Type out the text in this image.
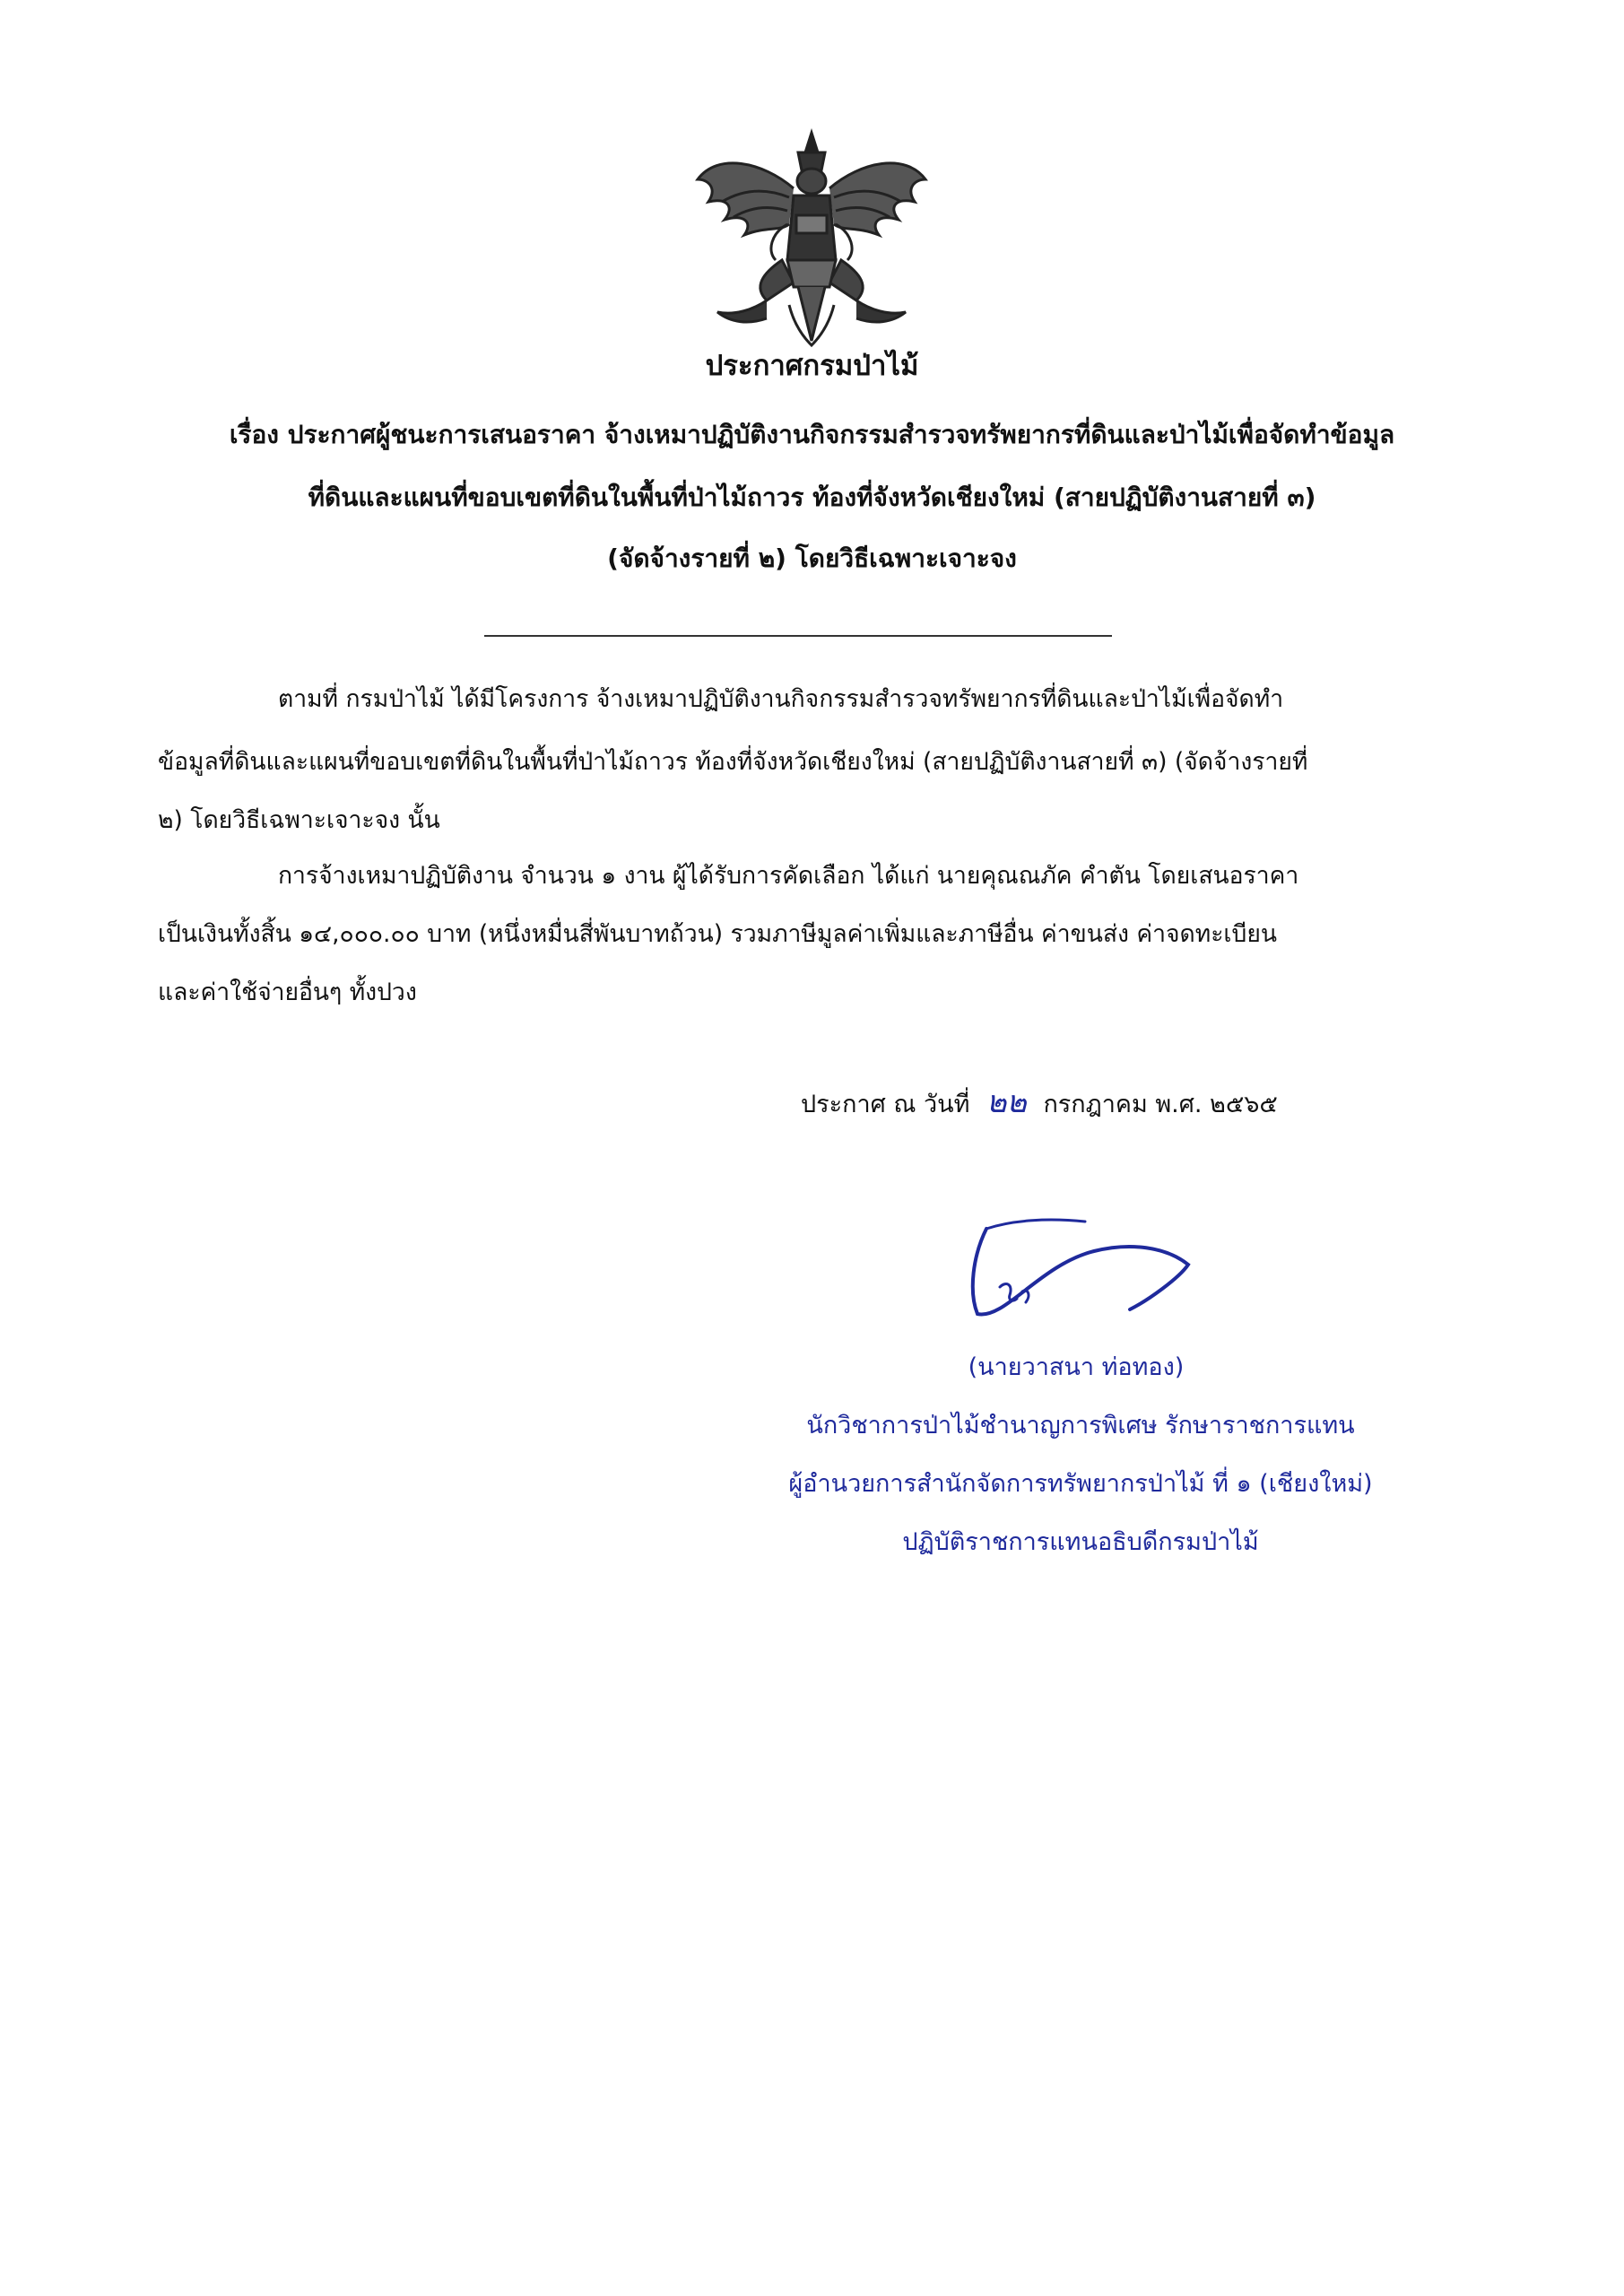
ประกาศกรมป่าไม้
เรื่อง ประกาศผู้ชนะการเสนอราคา จ้างเหมาปฏิบัติงานกิจกรรมสำรวจทรัพยากรที่ดินและป่าไม้เพื่อจัดทำข้อมูล
ที่ดินและแผนที่ขอบเขตที่ดินในพื้นที่ป่าไม้ถาวร ท้องที่จังหวัดเชียงใหม่ (สายปฏิบัติงานสายที่ ๓)
(จัดจ้างรายที่ ๒) โดยวิธีเฉพาะเจาะจง
ตามที่ กรมป่าไม้ ได้มีโครงการ จ้างเหมาปฏิบัติงานกิจกรรมสำรวจทรัพยากรที่ดินและป่าไม้เพื่อจัดทำ
ข้อมูลที่ดินและแผนที่ขอบเขตที่ดินในพื้นที่ป่าไม้ถาวร ท้องที่จังหวัดเชียงใหม่ (สายปฏิบัติงานสายที่ ๓) (จัดจ้างรายที่
๒) โดยวิธีเฉพาะเจาะจง นั้น
การจ้างเหมาปฏิบัติงาน จำนวน ๑ งาน ผู้ได้รับการคัดเลือก ได้แก่ นายคุณณภัค คำตัน โดยเสนอราคา
เป็นเงินทั้งสิ้น ๑๔,๐๐๐.๐๐ บาท (หนึ่งหมื่นสี่พันบาทถ้วน) รวมภาษีมูลค่าเพิ่มและภาษีอื่น ค่าขนส่ง ค่าจดทะเบียน
และค่าใช้จ่ายอื่นๆ ทั้งปวง
ประกาศ ณ วันที่ ๒๒ กรกฎาคม พ.ศ. ๒๕๖๕
(นายวาสนา ท่อทอง)
นักวิชาการป่าไม้ชำนาญการพิเศษ รักษาราชการแทน
ผู้อำนวยการสำนักจัดการทรัพยากรป่าไม้ ที่ ๑ (เชียงใหม่)
ปฏิบัติราชการแทนอธิบดีกรมป่าไม้
